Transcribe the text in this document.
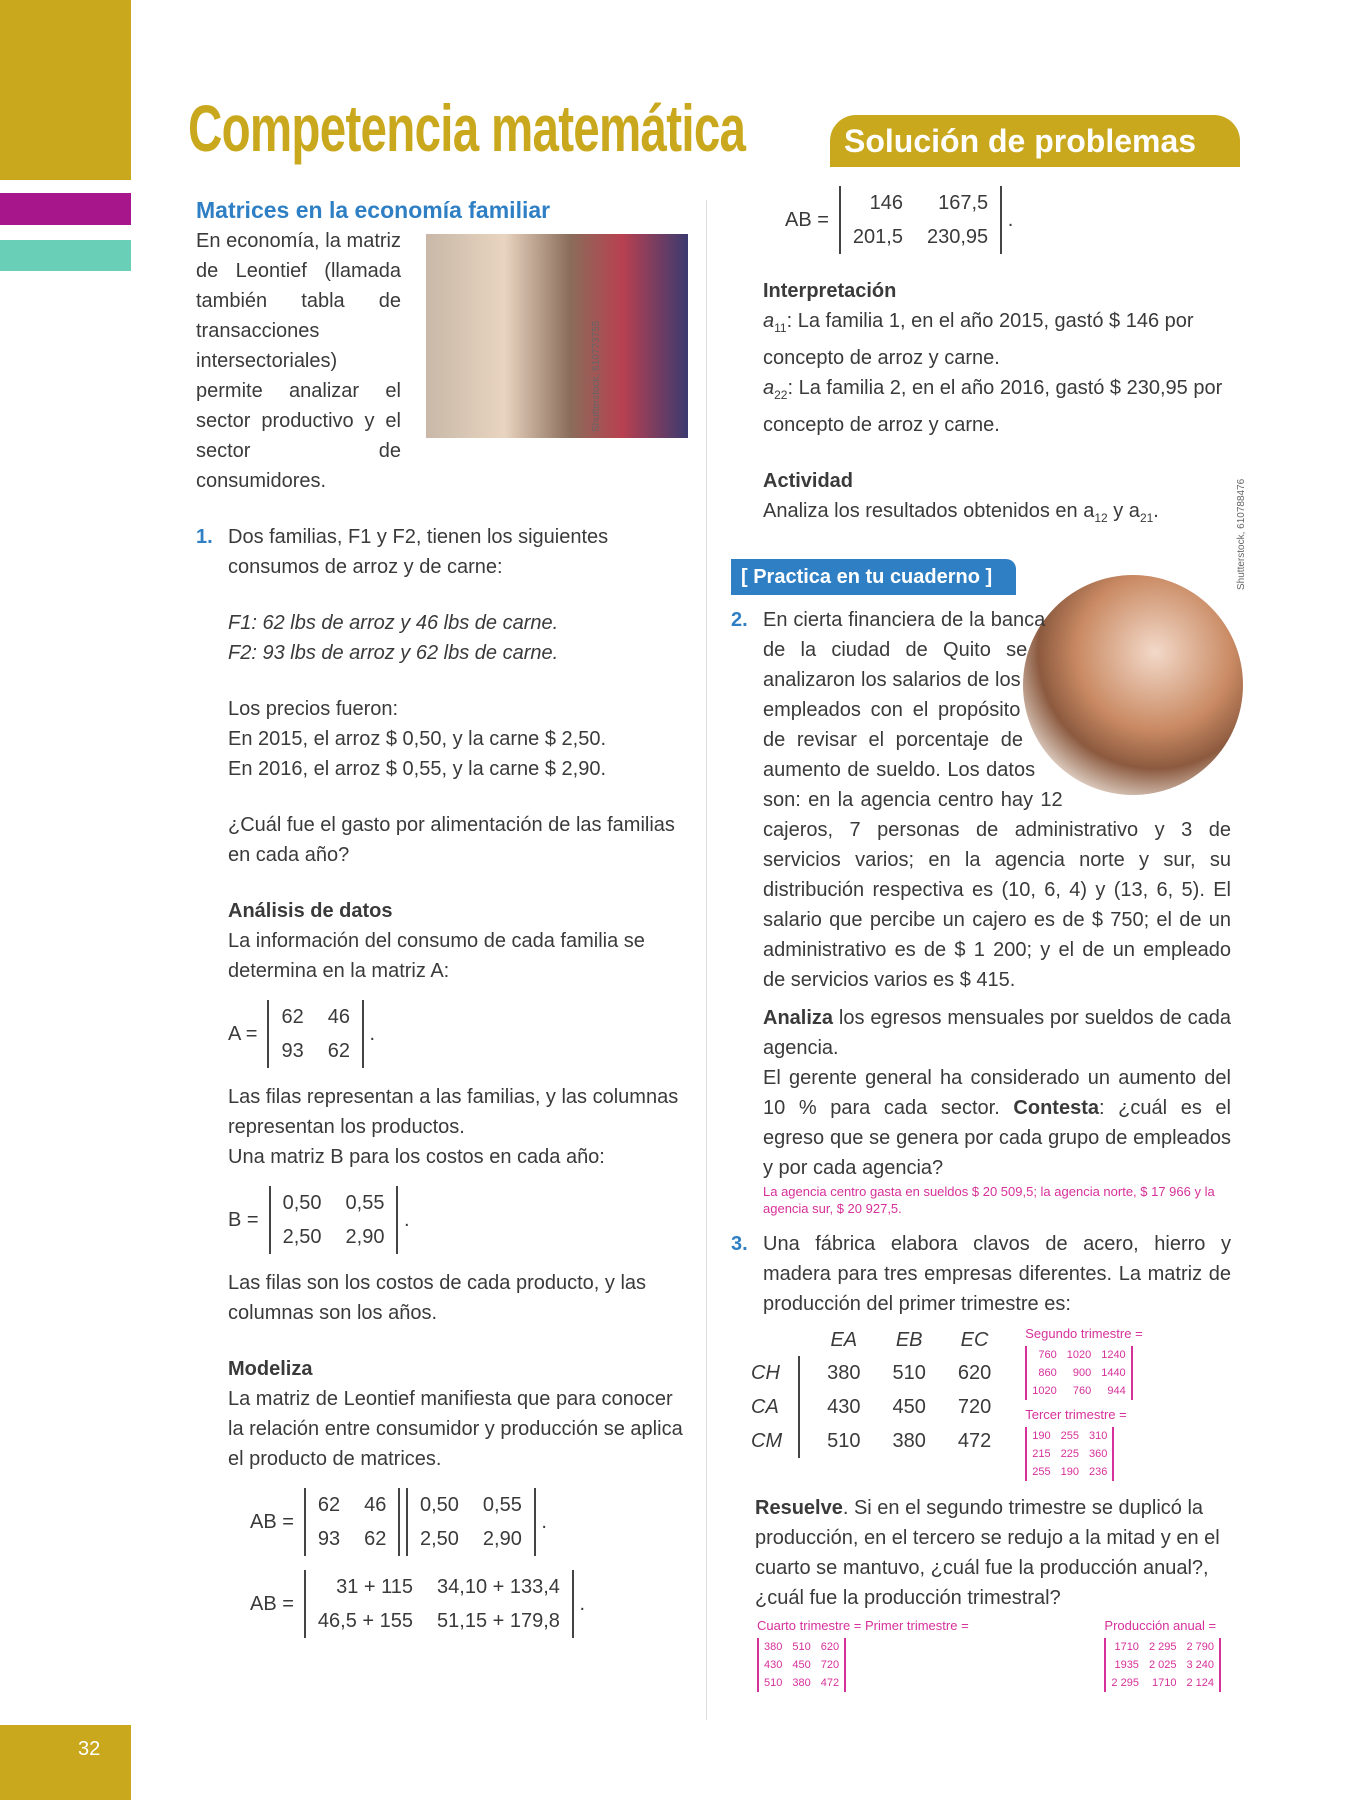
32
Competencia matemática	Solución de problemas
Matrices en la economía familiar
En economía, la matriz de Leontief (llamada también tabla de transacciones intersectoriales) permite analizar el sector productivo y el sector de consumidores.
Shutterstock, 610773755
1. Dos familias, F1 y F2, tienen los siguientes consumos de arroz y de carne:
F1: 62 lbs de arroz y 46 lbs de carne.
F2: 93 lbs de arroz y 62 lbs de carne.
Los precios fueron:
En 2015, el arroz $ 0,50, y la carne $ 2,50.
En 2016, el arroz $ 0,55, y la carne $ 2,90.
¿Cuál fue el gasto por alimentación de las familias en cada año?
Análisis de datos
La información del consumo de cada familia se determina en la matriz A:
A =
62	46
93	62
.
Las filas representan a las familias, y las columnas representan los productos.
Una matriz B para los costos en cada año:
B =
0,50	0,55
2,50	2,90
.
Las filas son los costos de cada producto, y las columnas son los años.
Modeliza
La matriz de Leontief manifiesta que para conocer la relación entre consumidor y producción se aplica el producto de matrices.
AB =
62	46
93	62

0,50	0,55
2,50	2,90
.
AB =
31 + 115	34,10 + 133,4
46,5 + 155	51,15 + 179,8
.
AB =
146	167,5
201,5	230,95
.
Interpretación
$a_{11}$: La familia 1, en el año 2015, gastó $ 146 por concepto de arroz y carne.
$a_{22}$: La familia 2, en el año 2016, gastó $ 230,95 por concepto de arroz y carne.
Actividad
Analiza los resultados obtenidos en $a_{12}$ y $a_{21}$.
[ Practica en tu cuaderno ]
2. En cierta financiera de la banca de la ciudad de Quito se analizaron los salarios de los empleados con el propósito de revisar el porcentaje de aumento de sueldo. Los datos son: en la agencia centro hay 12 cajeros, 7 personas de administrativo y 3 de servicios varios; en la agencia norte y sur, su distribución respectiva es (10, 6, 4) y (13, 6, 5). El salario que percibe un cajero es de $ 750; el de un administrativo es de $ 1 200; y el de un empleado de servicios varios es $ 415.

Analiza los egresos mensuales por sueldos de cada agencia.

El gerente general ha considerado un aumento del 10 % para cada sector. Contesta: ¿cuál es el egreso que se genera por cada grupo de empleados y por cada agencia?

La agencia centro gasta en sueldos $ 20 509,5; la agencia norte, $ 17 966 y la agencia sur, $ 20 927,5.

3. Una fábrica elabora clavos de acero, hierro y madera para tres empresas diferentes. La matriz de producción del primer trimestre es:
		EA	EB	EC
CH		380	510	620
CA		430	450	720
CM		510	380	472
Segundo trimestre =
760	1020	1240
860	900	1440
1020	760	944
Tercer trimestre =
190	255	310
215	225	360
255	190	236
Resuelve. Si en el segundo trimestre se duplicó la producción, en el tercero se redujo a la mitad y en el cuarto se mantuvo, ¿cuál fue la producción anual?, ¿cuál fue la producción trimestral?
Cuarto trimestre = Primer trimestre =
380	510	620
430	450	720
510	380	472
Producción anual =
1710	2 295	2 790
1935	2 025	3 240
2 295	1710	2 124
Shutterstock, 610788476
